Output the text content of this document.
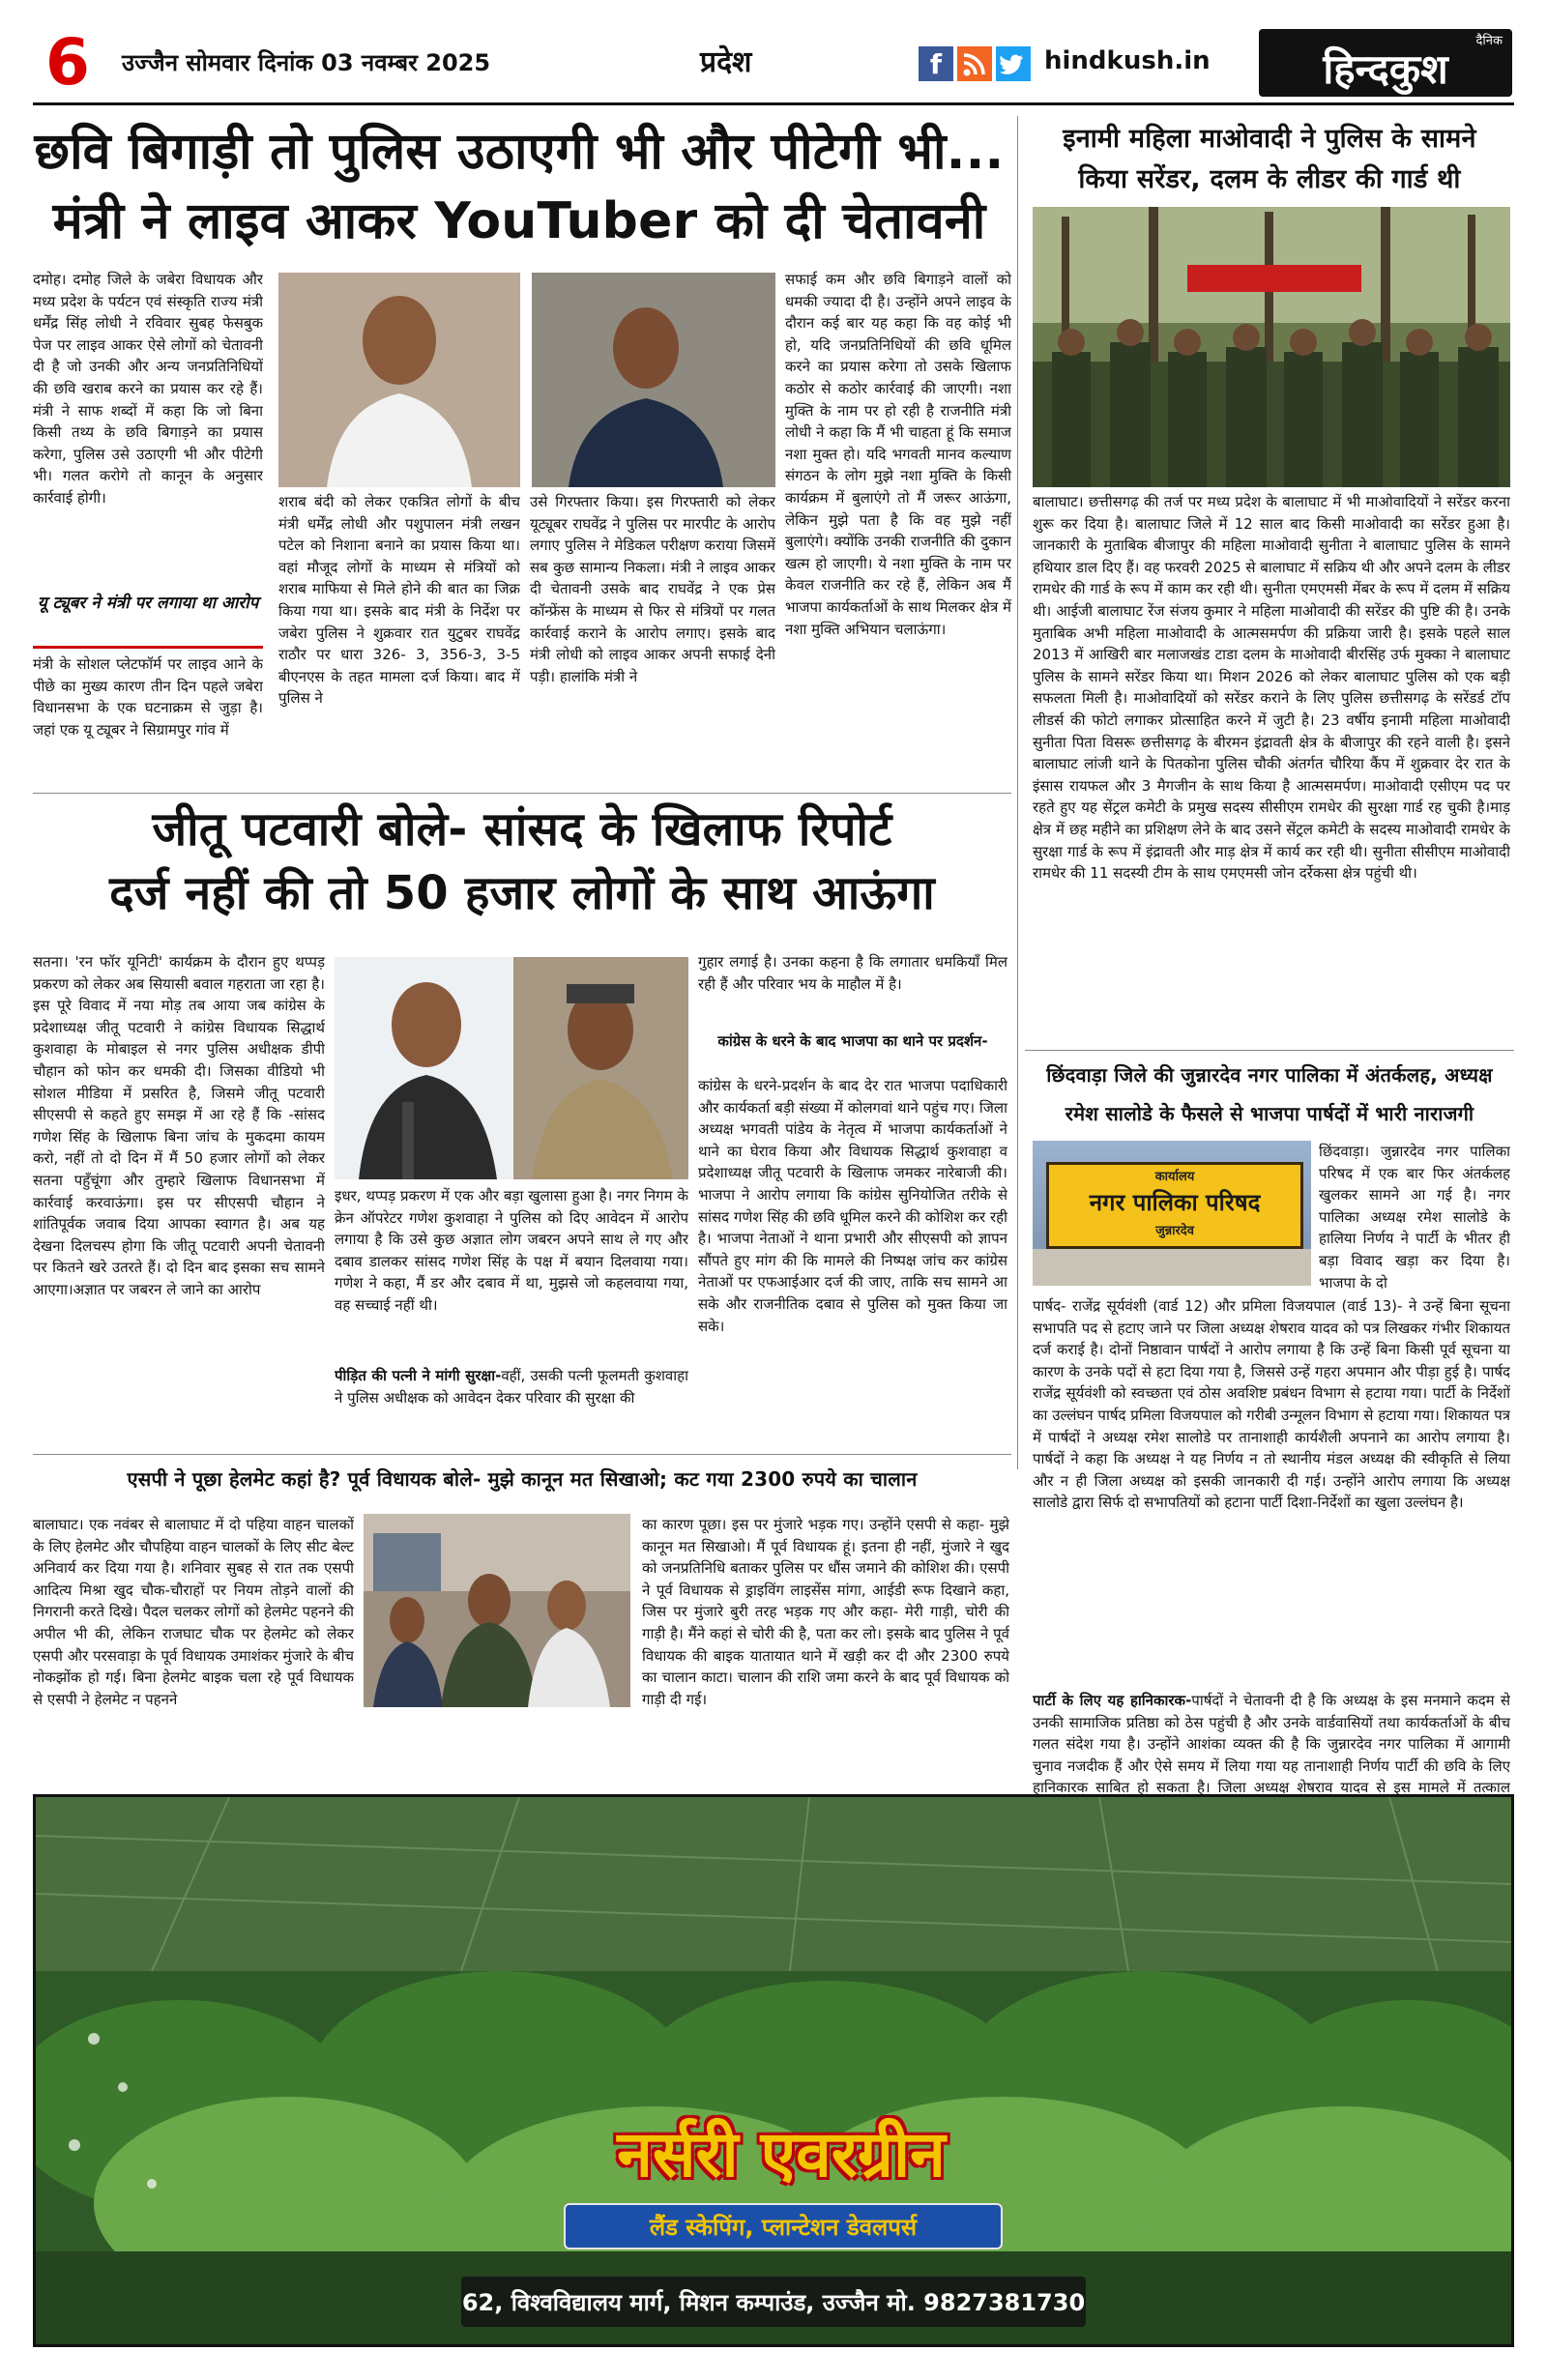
6	उज्जैन सोमवार दिनांक 03 नवम्बर 2025	प्रदेश	f	hindkush.in
दैनिक
हिन्दकुश
छवि बिगाड़ी तो पुलिस उठाएगी भी और पीटेगी भी...
मंत्री ने लाइव आकर YouTuber को दी चेतावनी
दमोह। दमोह जिले के जबेरा विधायक और मध्य प्रदेश के पर्यटन एवं संस्कृति राज्य मंत्री धर्मेंद्र सिंह लोधी ने रविवार सुबह फेसबुक पेज पर लाइव आकर ऐसे लोगों को चेतावनी दी है जो उनकी और अन्य जनप्रतिनिधियों की छवि खराब करने का प्रयास कर रहे हैं। मंत्री ने साफ शब्दों में कहा कि जो बिना किसी तथ्य के छवि बिगाड़ने का प्रयास करेगा, पुलिस उसे उठाएगी भी और पीटेगी भी। गलत करोगे तो कानून के अनुसार कार्रवाई होगी।
यू ट्यूबर ने मंत्री पर लगाया था आरोप
मंत्री के सोशल प्लेटफॉर्म पर लाइव आने के पीछे का मुख्य कारण तीन दिन पहले जबेरा विधानसभा के एक घटनाक्रम से जुड़ा है। जहां एक यू ट्यूबर ने सिग्रामपुर गांव में
शराब बंदी को लेकर एकत्रित लोगों के बीच मंत्री धर्मेंद्र लोधी और पशुपालन मंत्री लखन पटेल को निशाना बनाने का प्रयास किया था। वहां मौजूद लोगों के माध्यम से मंत्रियों को शराब माफिया से मिले होने की बात का जिक्र किया गया था। इसके बाद मंत्री के निर्देश पर जबेरा पुलिस ने शुक्रवार रात युटुबर राघवेंद्र राठौर पर धारा 326- 3, 356-3, 3-5 बीएनएस के तहत मामला दर्ज किया। बाद में पुलिस ने
उसे गिरफ्तार किया। इस गिरफ्तारी को लेकर यूट्यूबर राघवेंद्र ने पुलिस पर मारपीट के आरोप लगाए पुलिस ने मेडिकल परीक्षण कराया जिसमें सब कुछ सामान्य निकला। मंत्री ने लाइव आकर दी चेतावनी उसके बाद राघवेंद्र ने एक प्रेस कॉन्फ्रेंस के माध्यम से फिर से मंत्रियों पर गलत कार्रवाई कराने के आरोप लगाए। इसके बाद मंत्री लोधी को लाइव आकर अपनी सफाई देनी पड़ी। हालांकि मंत्री ने
सफाई कम और छवि बिगाड़ने वालों को धमकी ज्यादा दी है। उन्होंने अपने लाइव के दौरान कई बार यह कहा कि वह कोई भी हो, यदि जनप्रतिनिधियों की छवि धूमिल करने का प्रयास करेगा तो उसके खिलाफ कठोर से कठोर कार्रवाई की जाएगी। नशा मुक्ति के नाम पर हो रही है राजनीति मंत्री लोधी ने कहा कि मैं भी चाहता हूं कि समाज नशा मुक्त हो। यदि भगवती मानव कल्याण संगठन के लोग मुझे नशा मुक्ति के किसी कार्यक्रम में बुलाएंगे तो मैं जरूर आऊंगा, लेकिन मुझे पता है कि वह मुझे नहीं बुलाएंगे। क्योंकि उनकी राजनीति की दुकान खत्म हो जाएगी। ये नशा मुक्ति के नाम पर केवल राजनीति कर रहे हैं, लेकिन अब मैं भाजपा कार्यकर्ताओं के साथ मिलकर क्षेत्र में नशा मुक्ति अभियान चलाऊंगा।
इनामी महिला माओवादी ने पुलिस के सामने
किया सरेंडर, दलम के लीडर की गार्ड थी
बालाघाट। छत्तीसगढ़ की तर्ज पर मध्य प्रदेश के बालाघाट में भी माओवादियों ने सरेंडर करना शुरू कर दिया है। बालाघाट जिले में 12 साल बाद किसी माओवादी का सरेंडर हुआ है। जानकारी के मुताबिक बीजापुर की महिला माओवादी सुनीता ने बालाघाट पुलिस के सामने हथियार डाल दिए हैं। वह फरवरी 2025 से बालाघाट में सक्रिय थी और अपने दलम के लीडर रामधेर की गार्ड के रूप में काम कर रही थी। सुनीता एमएमसी मेंबर के रूप में दलम में सक्रिय थी। आईजी बालाघाट रेंज संजय कुमार ने महिला माओवादी की सरेंडर की पुष्टि की है। उनके मुताबिक अभी महिला माओवादी के आत्मसमर्पण की प्रक्रिया जारी है। इसके पहले साल 2013 में आखिरी बार मलाजखंड टाडा दलम के माओवादी बीरसिंह उर्फ मुक्का ने बालाघाट पुलिस के सामने सरेंडर किया था। मिशन 2026 को लेकर बालाघाट पुलिस को एक बड़ी सफलता मिली है। माओवादियों को सरेंडर कराने के लिए पुलिस छत्तीसगढ़ के सरेंडर्ड टॉप लीडर्स की फोटो लगाकर प्रोत्साहित करने में जुटी है। 23 वर्षीय इनामी महिला माओवादी सुनीता पिता विसरू छत्तीसगढ़ के बीरमन इंद्रावती क्षेत्र के बीजापुर की रहने वाली है। इसने बालाघाट लांजी थाने के पितकोना पुलिस चौकी अंतर्गत चौरिया कैंप में शुक्रवार देर रात के इंसास रायफल और 3 मैगजीन के साथ किया है आत्मसमर्पण। माओवादी एसीएम पद पर रहते हुए यह सेंट्रल कमेटी के प्रमुख सदस्य सीसीएम रामधेर की सुरक्षा गार्ड रह चुकी है।माड़ क्षेत्र में छह महीने का प्रशिक्षण लेने के बाद उसने सेंट्रल कमेटी के सदस्य माओवादी रामधेर के सुरक्षा गार्ड के रूप में इंद्रावती और माड़ क्षेत्र में कार्य कर रही थी। सुनीता सीसीएम माओवादी रामधेर की 11 सदस्यी टीम के साथ एमएमसी जोन दर्रेकसा क्षेत्र पहुंची थी।
जीतू पटवारी बोले- सांसद के खिलाफ रिपोर्ट
दर्ज नहीं की तो 50 हजार लोगों के साथ आऊंगा
सतना। 'रन फॉर यूनिटी' कार्यक्रम के दौरान हुए थप्पड़ प्रकरण को लेकर अब सियासी बवाल गहराता जा रहा है। इस पूरे विवाद में नया मोड़ तब आया जब कांग्रेस के प्रदेशाध्यक्ष जीतू पटवारी ने कांग्रेस विधायक सिद्धार्थ कुशवाहा के मोबाइल से नगर पुलिस अधीक्षक डीपी चौहान को फोन कर धमकी दी। जिसका वीडियो भी सोशल मीडिया में प्रसरित है, जिसमे जीतू पटवारी सीएसपी से कहते हुए समझ में आ रहे हैं कि -सांसद गणेश सिंह के खिलाफ बिना जांच के मुकदमा कायम करो, नहीं तो दो दिन में मैं 50 हजार लोगों को लेकर सतना पहुँचूंगा और तुम्हारे खिलाफ विधानसभा में कार्रवाई करवाऊंगा। इस पर सीएसपी चौहान ने शांतिपूर्वक जवाब दिया आपका स्वागत है। अब यह देखना दिलचस्प होगा कि जीतू पटवारी अपनी चेतावनी पर कितने खरे उतरते हैं। दो दिन बाद इसका सच सामने आएगा।अज्ञात पर जबरन ले जाने का आरोप
इधर, थप्पड़ प्रकरण में एक और बड़ा खुलासा हुआ है। नगर निगम के क्रेन ऑपरेटर गणेश कुशवाहा ने पुलिस को दिए आवेदन में आरोप लगाया है कि उसे कुछ अज्ञात लोग जबरन अपने साथ ले गए और दबाव डालकर सांसद गणेश सिंह के पक्ष में बयान दिलवाया गया। गणेश ने कहा, मैं डर और दबाव में था, मुझसे जो कहलवाया गया, वह सच्चाई नहीं थी।
पीड़ित की पत्नी ने मांगी सुरक्षा-वहीं, उसकी पत्नी फूलमती कुशवाहा ने पुलिस अधीक्षक को आवेदन देकर परिवार की सुरक्षा की
गुहार लगाई है। उनका कहना है कि लगातार धमकियाँ मिल रही हैं और परिवार भय के माहौल में है।
कांग्रेस के धरने के बाद भाजपा का थाने पर प्रदर्शन-
कांग्रेस के धरने-प्रदर्शन के बाद देर रात भाजपा पदाधिकारी और कार्यकर्ता बड़ी संख्या में कोलगवां थाने पहुंच गए। जिला अध्यक्ष भगवती पांडेय के नेतृत्व में भाजपा कार्यकर्ताओं ने थाने का घेराव किया और विधायक सिद्धार्थ कुशवाहा व प्रदेशाध्यक्ष जीतू पटवारी के खिलाफ जमकर नारेबाजी की। भाजपा ने आरोप लगाया कि कांग्रेस सुनियोजित तरीके से सांसद गणेश सिंह की छवि धूमिल करने की कोशिश कर रही है। भाजपा नेताओं ने थाना प्रभारी और सीएसपी को ज्ञापन सौंपते हुए मांग की कि मामले की निष्पक्ष जांच कर कांग्रेस नेताओं पर एफआईआर दर्ज की जाए, ताकि सच सामने आ सके और राजनीतिक दबाव से पुलिस को मुक्त किया जा सके।
छिंदवाड़ा जिले की जुन्नारदेव नगर पालिका में अंतर्कलह, अध्यक्ष
रमेश सालोडे के फैसले से भाजपा पार्षदों में भारी नाराजगी
कार्यालय
नगर पालिका परिषद
जुन्नारदेव
छिंदवाड़ा। जुन्नारदेव नगर पालिका परिषद में एक बार फिर अंतर्कलह खुलकर सामने आ गई है। नगर पालिका अध्यक्ष रमेश सालोडे के हालिया निर्णय ने पार्टी के भीतर ही बड़ा विवाद खड़ा कर दिया है। भाजपा के दो
पार्षद- राजेंद्र सूर्यवंशी (वार्ड 12) और प्रमिला विजयपाल (वार्ड 13)- ने उन्हें बिना सूचना सभापति पद से हटाए जाने पर जिला अध्यक्ष शेषराव यादव को पत्र लिखकर गंभीर शिकायत दर्ज कराई है। दोनों निष्ठावान पार्षदों ने आरोप लगाया है कि उन्हें बिना किसी पूर्व सूचना या कारण के उनके पदों से हटा दिया गया है, जिससे उन्हें गहरा अपमान और पीड़ा हुई है। पार्षद राजेंद्र सूर्यवंशी को स्वच्छता एवं ठोस अवशिष्ट प्रबंधन विभाग से हटाया गया। पार्टी के निर्देशों का उल्लंघन पार्षद प्रमिला विजयपाल को गरीबी उन्मूलन विभाग से हटाया गया। शिकायत पत्र में पार्षदों ने अध्यक्ष रमेश सालोडे पर तानाशाही कार्यशैली अपनाने का आरोप लगाया है। पार्षदों ने कहा कि अध्यक्ष ने यह निर्णय न तो स्थानीय मंडल अध्यक्ष की स्वीकृति से लिया और न ही जिला अध्यक्ष को इसकी जानकारी दी गई। उन्होंने आरोप लगाया कि अध्यक्ष सालोडे द्वारा सिर्फ दो सभापतियों को हटाना पार्टी दिशा-निर्देशों का खुला उल्लंघन है।
पार्टी के लिए यह हानिकारक-पार्षदों ने चेतावनी दी है कि अध्यक्ष के इस मनमाने कदम से उनकी सामाजिक प्रतिष्ठा को ठेस पहुंची है और उनके वार्डवासियों तथा कार्यकर्ताओं के बीच गलत संदेश गया है। उन्होंने आशंका व्यक्त की है कि जुन्नारदेव नगर पालिका में आगामी चुनाव नजदीक हैं और ऐसे समय में लिया गया यह तानाशाही निर्णय पार्टी की छवि के लिए हानिकारक साबित हो सकता है। जिला अध्यक्ष शेषराव यादव से इस मामले में तत्काल
एसपी ने पूछा हेलमेट कहां है? पूर्व विधायक बोले- मुझे कानून मत सिखाओ; कट गया 2300 रुपये का चालान
बालाघाट। एक नवंबर से बालाघाट में दो पहिया वाहन चालकों के लिए हेलमेट और चौपहिया वाहन चालकों के लिए सीट बेल्ट अनिवार्य कर दिया गया है। शनिवार सुबह से रात तक एसपी आदित्य मिश्रा खुद चौक-चौराहों पर नियम तोड़ने वालों की निगरानी करते दिखे। पैदल चलकर लोगों को हेलमेट पहनने की अपील भी की, लेकिन राजघाट चौक पर हेलमेट को लेकर एसपी और परसवाड़ा के पूर्व विधायक उमाशंकर मुंजारे के बीच नोकझोंक हो गई। बिना हेलमेट बाइक चला रहे पूर्व विधायक से एसपी ने हेलमेट न पहनने
का कारण पूछा। इस पर मुंजारे भड़क गए। उन्होंने एसपी से कहा- मुझे कानून मत सिखाओ। मैं पूर्व विधायक हूं। इतना ही नहीं, मुंजारे ने खुद को जनप्रतिनिधि बताकर पुलिस पर धौंस जमाने की कोशिश की। एसपी ने पूर्व विधायक से ड्राइविंग लाइसेंस मांगा, आईडी रूफ दिखाने कहा, जिस पर मुंजारे बुरी तरह भड़क गए और कहा- मेरी गाड़ी, चोरी की गाड़ी है। मैंने कहां से चोरी की है, पता कर लो। इसके बाद पुलिस ने पूर्व विधायक की बाइक यातायात थाने में खड़ी कर दी और 2300 रुपये का चालान काटा। चालान की राशि जमा करने के बाद पूर्व विधायक को गाड़ी दी गई।
नर्सरी एवरग्रीन
लैंड स्केपिंग, प्लान्टेशन डेवलपर्स
62, विश्वविद्यालय मार्ग, मिशन कम्पाउंड, उज्जैन मो. 9827381730
